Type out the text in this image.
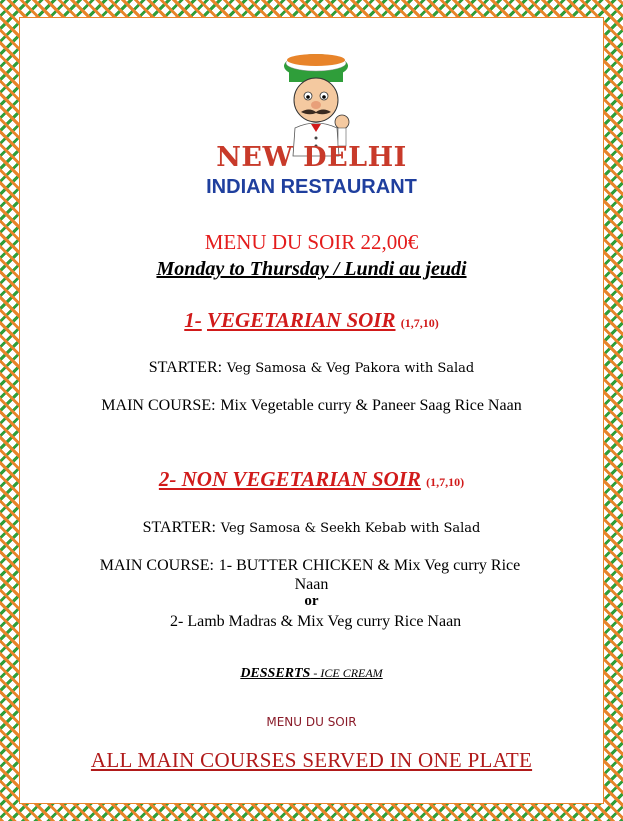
NEW DELHI
INDIAN RESTAURANT
MENU DU SOIR 22,00€
Monday to Thursday / Lundi au jeudi
1- VEGETARIAN SOIR (1,7,10)
STARTER: Veg Samosa & Veg Pakora with Salad
MAIN COURSE: Mix Vegetable curry & Paneer Saag Rice Naan
2- NON VEGETARIAN SOIR (1,7,10)
STARTER: Veg Samosa & Seekh Kebab with Salad
MAIN COURSE: 1- BUTTER CHICKEN & Mix Veg curry Rice
Naan
or
2- Lamb Madras & Mix Veg curry Rice Naan
DESSERTS - ICE CREAM
MENU DU SOIR
ALL MAIN COURSES SERVED IN ONE PLATE
